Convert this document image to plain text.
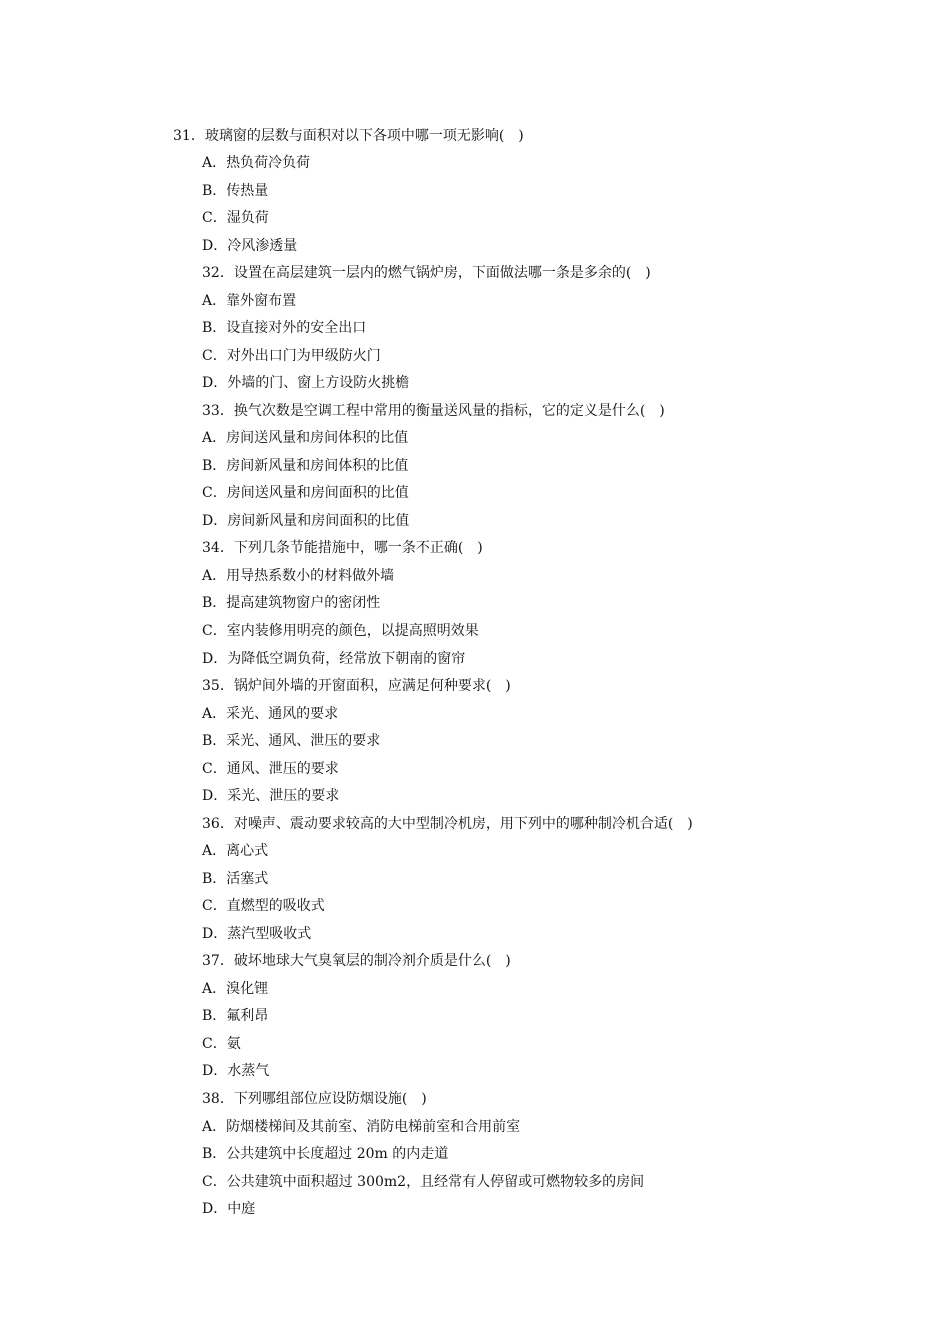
31．玻璃窗的层数与面积对以下各项中哪一项无影响( )
A．热负荷冷负荷
B．传热量
C．湿负荷
D．冷风渗透量
32．设置在高层建筑一层内的燃气锅炉房，下面做法哪一条是多余的( )
A．靠外窗布置
B．设直接对外的安全出口
C．对外出口门为甲级防火门
D．外墙的门、窗上方设防火挑檐
33．换气次数是空调工程中常用的衡量送风量的指标，它的定义是什么( )
A．房间送风量和房间体积的比值
B．房间新风量和房间体积的比值
C．房间送风量和房间面积的比值
D．房间新风量和房间面积的比值
34．下列几条节能措施中，哪一条不正确( )
A．用导热系数小的材料做外墙
B．提高建筑物窗户的密闭性
C．室内装修用明亮的颜色，以提高照明效果
D．为降低空调负荷，经常放下朝南的窗帘
35．锅炉间外墙的开窗面积，应满足何种要求( )
A．采光、通风的要求
B．采光、通风、泄压的要求
C．通风、泄压的要求
D．采光、泄压的要求
36．对噪声、震动要求较高的大中型制冷机房，用下列中的哪种制冷机合适( )
A．离心式
B．活塞式
C．直燃型的吸收式
D．蒸汽型吸收式
37．破坏地球大气臭氧层的制冷剂介质是什么( )
A．溴化锂
B．氟利昂
C．氨
D．水蒸气
38．下列哪组部位应设防烟设施( )
A．防烟楼梯间及其前室、消防电梯前室和合用前室
B．公共建筑中长度超过 20m 的内走道
C．公共建筑中面积超过 300m2，且经常有人停留或可燃物较多的房间
D．中庭
